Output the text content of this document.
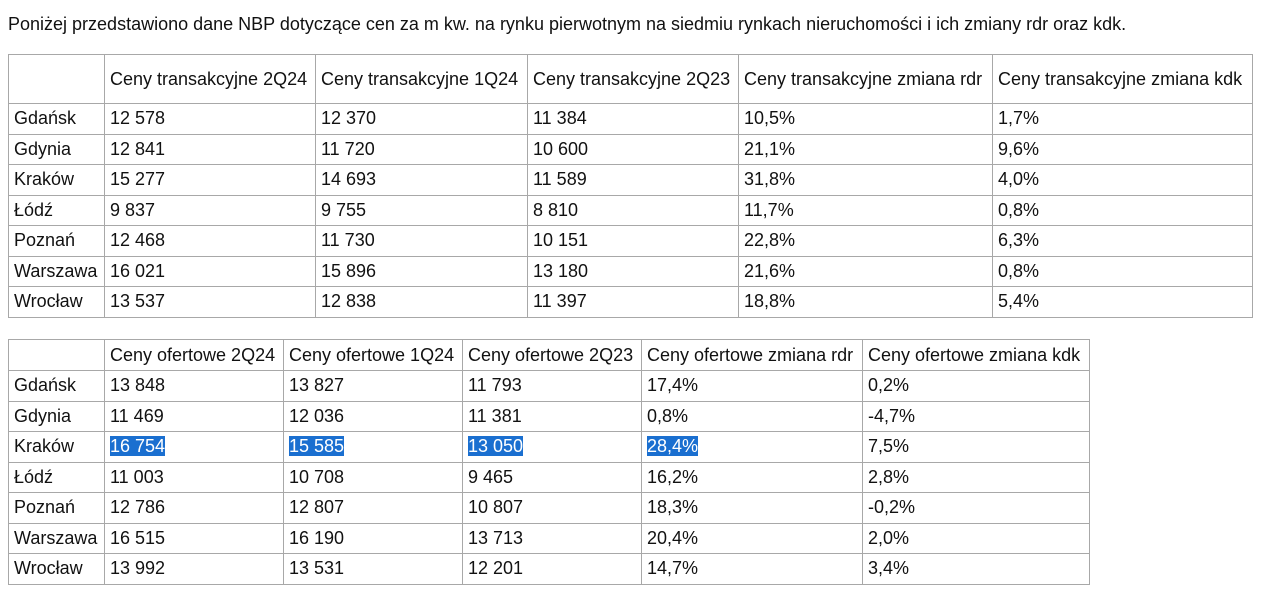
Poniżej przedstawiono dane NBP dotyczące cen za m kw. na rynku pierwotnym na siedmiu rynkach nieruchomości i ich zmiany rdr oraz kdk.

	Ceny transakcyjne 2Q24	Ceny transakcyjne 1Q24	Ceny transakcyjne 2Q23	Ceny transakcyjne zmiana rdr	Ceny transakcyjne zmiana kdk
Gdańsk	12 578	12 370	11 384	10,5%	1,7%
Gdynia	12 841	11 720	10 600	21,1%	9,6%
Kraków	15 277	14 693	11 589	31,8%	4,0%
Łódź	9 837	9 755	8 810	11,7%	0,8%
Poznań	12 468	11 730	10 151	22,8%	6,3%
Warszawa	16 021	15 896	13 180	21,6%	0,8%
Wrocław	13 537	12 838	11 397	18,8%	5,4%
	Ceny ofertowe 2Q24	Ceny ofertowe 1Q24	Ceny ofertowe 2Q23	Ceny ofertowe zmiana rdr	Ceny ofertowe zmiana kdk
Gdańsk	13 848	13 827	11 793	17,4%	0,2%
Gdynia	11 469	12 036	11 381	0,8%	-4,7%
Kraków	16 754	15 585	13 050	28,4%	7,5%
Łódź	11 003	10 708	9 465	16,2%	2,8%
Poznań	12 786	12 807	10 807	18,3%	-0,2%
Warszawa	16 515	16 190	13 713	20,4%	2,0%
Wrocław	13 992	13 531	12 201	14,7%	3,4%
